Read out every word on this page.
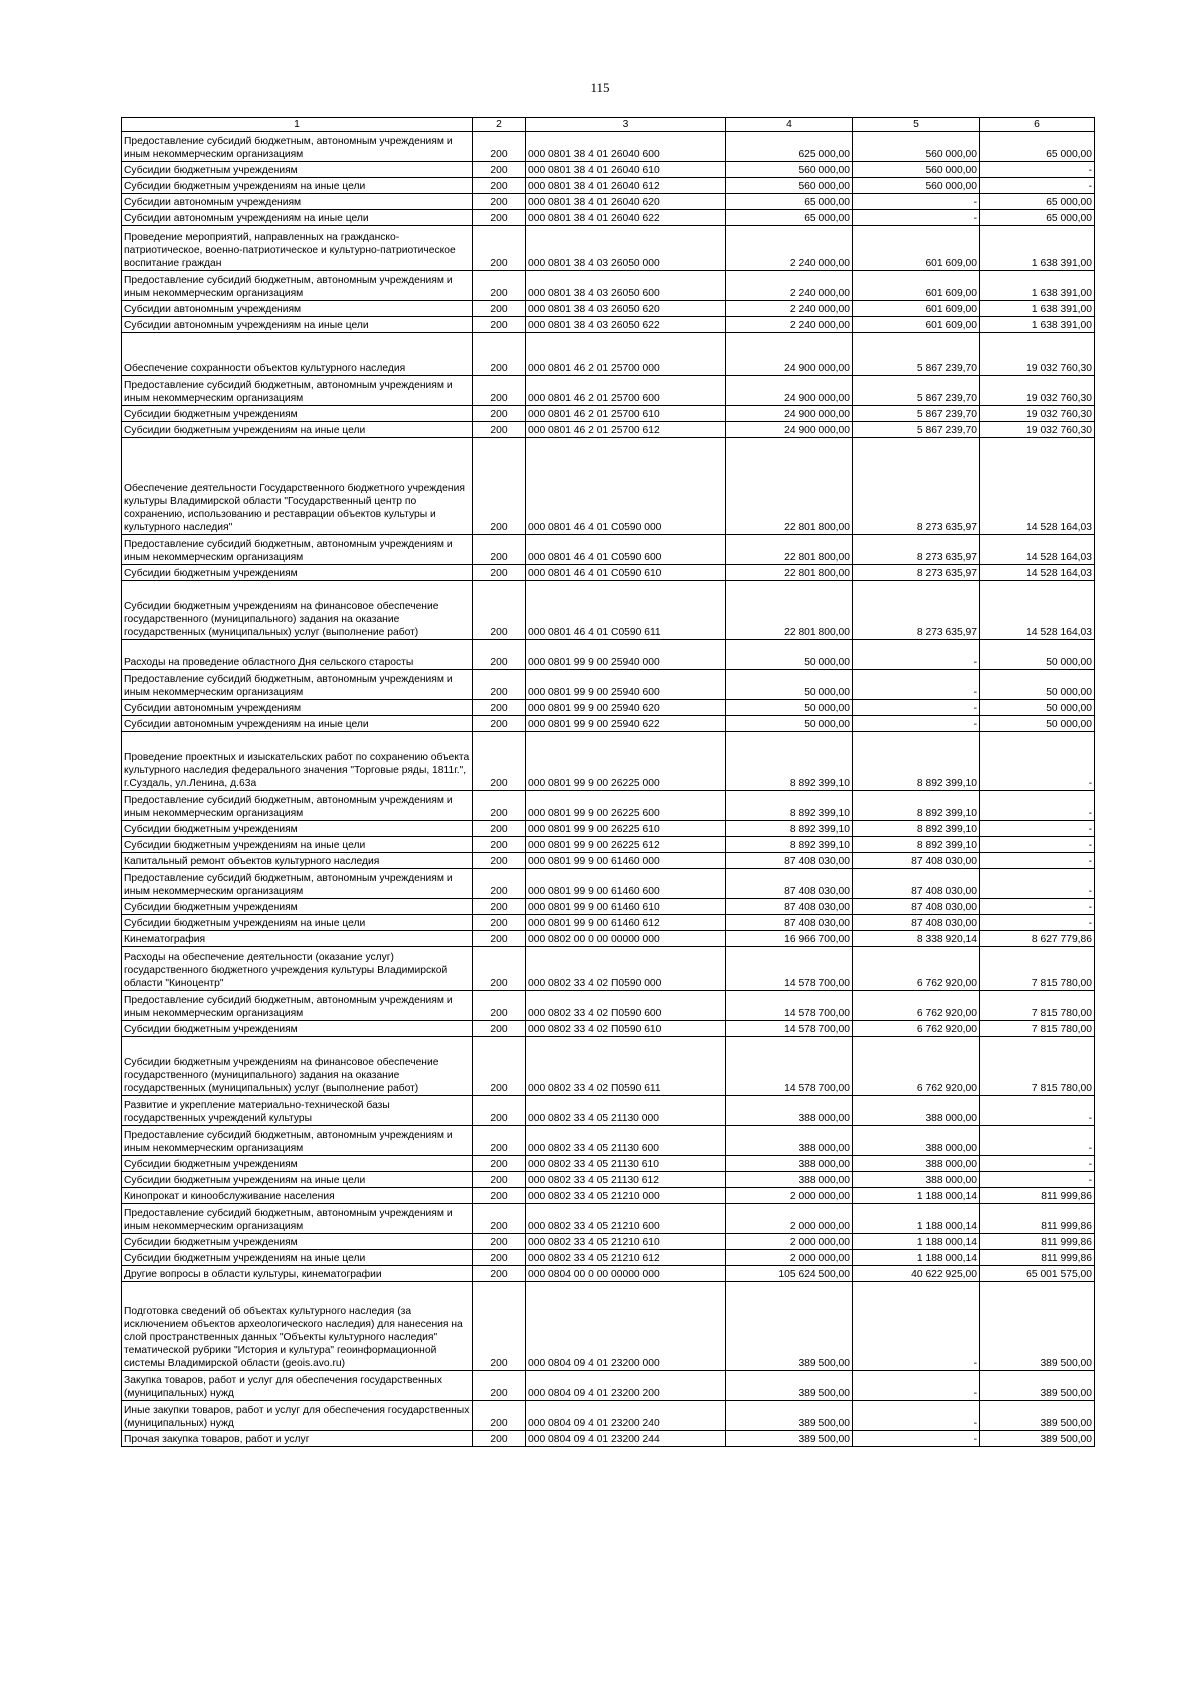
115
1	2	3	4	5	6
Предоставление субсидий бюджетным, автономным учреждениям и иным некоммерческим организациям	200	000 0801 38 4 01 26040 600	625 000,00	560 000,00	65 000,00
Субсидии бюджетным учреждениям	200	000 0801 38 4 01 26040 610	560 000,00	560 000,00	-
Субсидии бюджетным учреждениям на иные цели	200	000 0801 38 4 01 26040 612	560 000,00	560 000,00	-
Субсидии автономным учреждениям	200	000 0801 38 4 01 26040 620	65 000,00	-	65 000,00
Субсидии автономным учреждениям на иные цели	200	000 0801 38 4 01 26040 622	65 000,00	-	65 000,00
Проведение мероприятий, направленных на гражданско-патриотическое, военно-патриотическое и культурно-патриотическое воспитание граждан	200	000 0801 38 4 03 26050 000	2 240 000,00	601 609,00	1 638 391,00
Предоставление субсидий бюджетным, автономным учреждениям и иным некоммерческим организациям	200	000 0801 38 4 03 26050 600	2 240 000,00	601 609,00	1 638 391,00
Субсидии автономным учреждениям	200	000 0801 38 4 03 26050 620	2 240 000,00	601 609,00	1 638 391,00
Субсидии автономным учреждениям на иные цели	200	000 0801 38 4 03 26050 622	2 240 000,00	601 609,00	1 638 391,00
Обеспечение сохранности объектов культурного наследия	200	000 0801 46 2 01 25700 000	24 900 000,00	5 867 239,70	19 032 760,30
Предоставление субсидий бюджетным, автономным учреждениям и иным некоммерческим организациям	200	000 0801 46 2 01 25700 600	24 900 000,00	5 867 239,70	19 032 760,30
Субсидии бюджетным учреждениям	200	000 0801 46 2 01 25700 610	24 900 000,00	5 867 239,70	19 032 760,30
Субсидии бюджетным учреждениям на иные цели	200	000 0801 46 2 01 25700 612	24 900 000,00	5 867 239,70	19 032 760,30
Обеспечение деятельности Государственного бюджетного учреждения культуры Владимирской области "Государственный центр по сохранению, использованию и реставрации объектов культуры и культурного наследия"	200	000 0801 46 4 01 С0590 000	22 801 800,00	8 273 635,97	14 528 164,03
Предоставление субсидий бюджетным, автономным учреждениям и иным некоммерческим организациям	200	000 0801 46 4 01 С0590 600	22 801 800,00	8 273 635,97	14 528 164,03
Субсидии бюджетным учреждениям	200	000 0801 46 4 01 С0590 610	22 801 800,00	8 273 635,97	14 528 164,03
Субсидии бюджетным учреждениям на финансовое обеспечение государственного (муниципального) задания на оказание государственных (муниципальных) услуг (выполнение работ)	200	000 0801 46 4 01 С0590 611	22 801 800,00	8 273 635,97	14 528 164,03
Расходы на проведение областного Дня сельского старосты	200	000 0801 99 9 00 25940 000	50 000,00	-	50 000,00
Предоставление субсидий бюджетным, автономным учреждениям и иным некоммерческим организациям	200	000 0801 99 9 00 25940 600	50 000,00	-	50 000,00
Субсидии автономным учреждениям	200	000 0801 99 9 00 25940 620	50 000,00	-	50 000,00
Субсидии автономным учреждениям на иные цели	200	000 0801 99 9 00 25940 622	50 000,00	-	50 000,00
Проведение проектных и изыскательских работ по сохранению объекта культурного наследия федерального значения "Торговые ряды, 1811г.", г.Суздаль, ул.Ленина, д.63а	200	000 0801 99 9 00 26225 000	8 892 399,10	8 892 399,10	-
Предоставление субсидий бюджетным, автономным учреждениям и иным некоммерческим организациям	200	000 0801 99 9 00 26225 600	8 892 399,10	8 892 399,10	-
Субсидии бюджетным учреждениям	200	000 0801 99 9 00 26225 610	8 892 399,10	8 892 399,10	-
Субсидии бюджетным учреждениям на иные цели	200	000 0801 99 9 00 26225 612	8 892 399,10	8 892 399,10	-
Капитальный ремонт объектов культурного наследия	200	000 0801 99 9 00 61460 000	87 408 030,00	87 408 030,00	-
Предоставление субсидий бюджетным, автономным учреждениям и иным некоммерческим организациям	200	000 0801 99 9 00 61460 600	87 408 030,00	87 408 030,00	-
Субсидии бюджетным учреждениям	200	000 0801 99 9 00 61460 610	87 408 030,00	87 408 030,00	-
Субсидии бюджетным учреждениям на иные цели	200	000 0801 99 9 00 61460 612	87 408 030,00	87 408 030,00	-
Кинематография	200	000 0802 00 0 00 00000 000	16 966 700,00	8 338 920,14	8 627 779,86
Расходы на обеспечение деятельности (оказание услуг) государственного бюджетного учреждения культуры Владимирской области "Киноцентр"	200	000 0802 33 4 02 П0590 000	14 578 700,00	6 762 920,00	7 815 780,00
Предоставление субсидий бюджетным, автономным учреждениям и иным некоммерческим организациям	200	000 0802 33 4 02 П0590 600	14 578 700,00	6 762 920,00	7 815 780,00
Субсидии бюджетным учреждениям	200	000 0802 33 4 02 П0590 610	14 578 700,00	6 762 920,00	7 815 780,00
Субсидии бюджетным учреждениям на финансовое обеспечение государственного (муниципального) задания на оказание государственных (муниципальных) услуг (выполнение работ)	200	000 0802 33 4 02 П0590 611	14 578 700,00	6 762 920,00	7 815 780,00
Развитие и укрепление материально-технической базы государственных учреждений культуры	200	000 0802 33 4 05 21130 000	388 000,00	388 000,00	-
Предоставление субсидий бюджетным, автономным учреждениям и иным некоммерческим организациям	200	000 0802 33 4 05 21130 600	388 000,00	388 000,00	-
Субсидии бюджетным учреждениям	200	000 0802 33 4 05 21130 610	388 000,00	388 000,00	-
Субсидии бюджетным учреждениям на иные цели	200	000 0802 33 4 05 21130 612	388 000,00	388 000,00	-
Кинопрокат и кинообслуживание населения	200	000 0802 33 4 05 21210 000	2 000 000,00	1 188 000,14	811 999,86
Предоставление субсидий бюджетным, автономным учреждениям и иным некоммерческим организациям	200	000 0802 33 4 05 21210 600	2 000 000,00	1 188 000,14	811 999,86
Субсидии бюджетным учреждениям	200	000 0802 33 4 05 21210 610	2 000 000,00	1 188 000,14	811 999,86
Субсидии бюджетным учреждениям на иные цели	200	000 0802 33 4 05 21210 612	2 000 000,00	1 188 000,14	811 999,86
Другие вопросы в области культуры, кинематографии	200	000 0804 00 0 00 00000 000	105 624 500,00	40 622 925,00	65 001 575,00
Подготовка сведений об объектах культурного наследия (за исключением объектов археологического наследия) для нанесения на слой пространственных данных "Объекты культурного наследия" тематической рубрики "История и культура" геоинформационной системы Владимирской области (geois.avo.ru)	200	000 0804 09 4 01 23200 000	389 500,00	-	389 500,00
Закупка товаров, работ и услуг для обеспечения государственных (муниципальных) нужд	200	000 0804 09 4 01 23200 200	389 500,00	-	389 500,00
Иные закупки товаров, работ и услуг для обеспечения государственных (муниципальных) нужд	200	000 0804 09 4 01 23200 240	389 500,00	-	389 500,00
Прочая закупка товаров, работ и услуг	200	000 0804 09 4 01 23200 244	389 500,00	-	389 500,00
